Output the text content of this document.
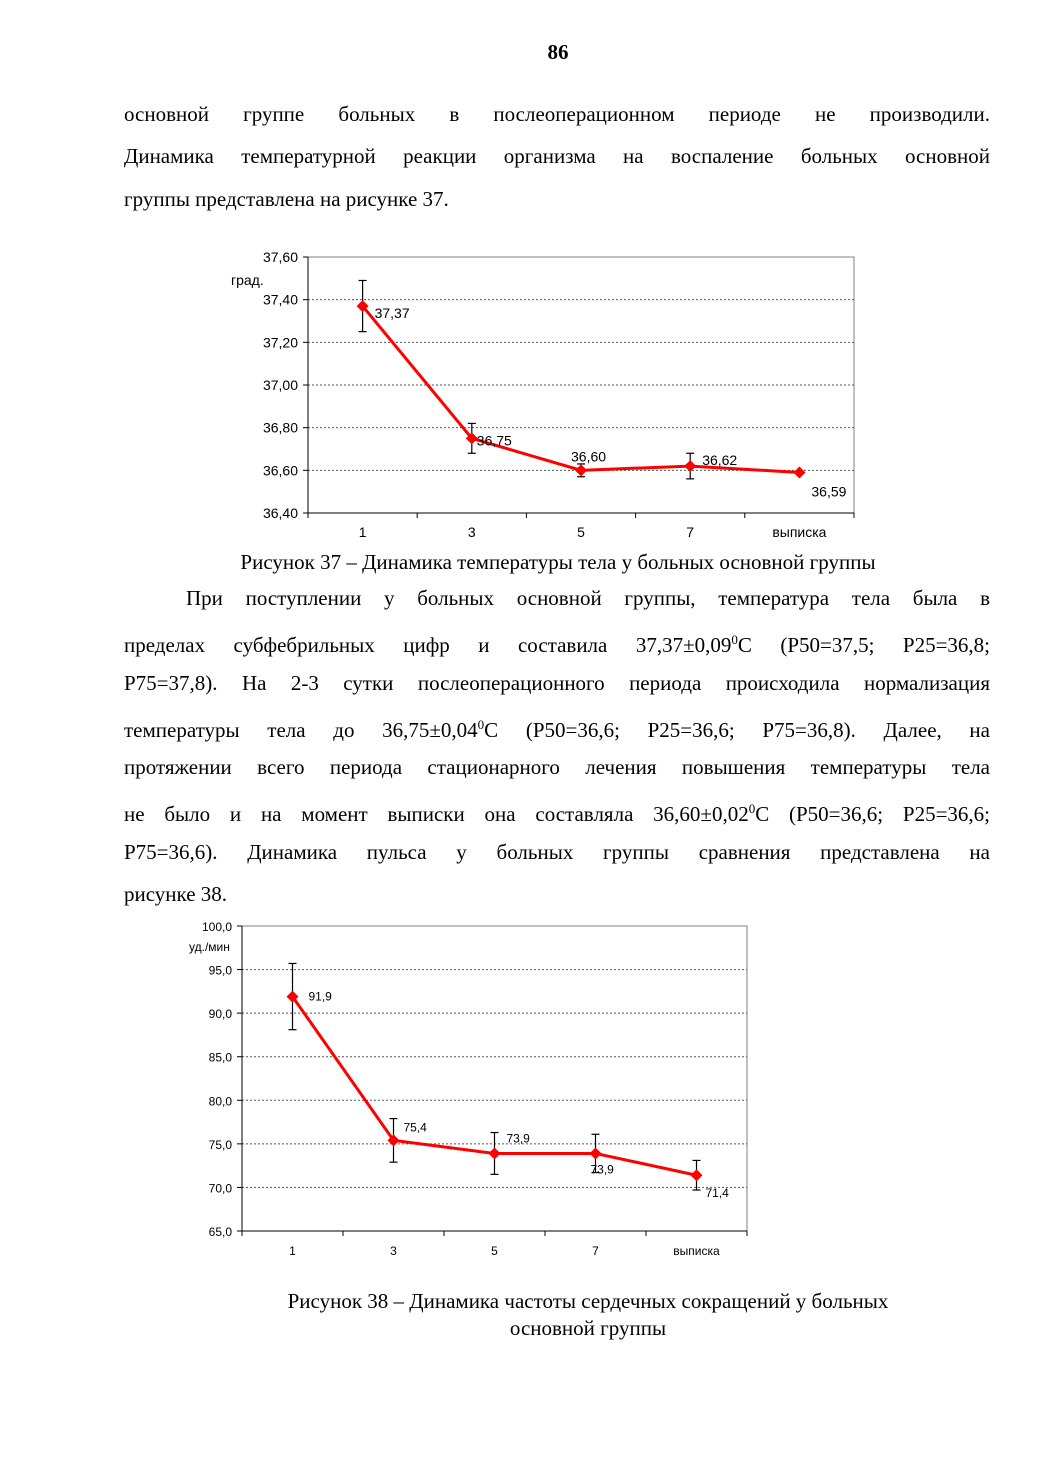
86
основной группе больных в послеоперационном периоде не производили.
Динамика температурной реакции организма на воспаление больных основной
группы представлена на рисунке 37.
36,40
36,60
36,80
37,00
37,20
37,40
37,60
1	3	5	7	выписка
град.
37,37
36,75
36,60	36,62
36,59
Рисунок 37 – Динамика температуры тела у больных основной группы
При поступлении у больных основной группы, температура тела была в
пределах субфебрильных цифр и составила $37,37\pm 0,09^0C$ (P50=37,5; P25=36,8;
P75=37,8). На 2-3 сутки послеоперационного периода происходила нормализация
температуры тела до $36,75\pm 0,04^0C$ (P50=36,6; P25=36,6; P75=36,8). Далее, на
протяжении всего периода стационарного лечения повышения температуры тела
не было и на момент выписки она составляла $36,60\pm 0,02^0C$ (P50=36,6; P25=36,6;
P75=36,6). Динамика пульса у больных группы сравнения представлена на
рисунке 38.
65,0
70,0
75,0
80,0
85,0
90,0
95,0
100,0
1	3	5	7	выписка
уд./мин
91,9
75,4
73,9
73,9
71,4
Рисунок 38 – Динамика частоты сердечных сокращений у больных
основной группы
